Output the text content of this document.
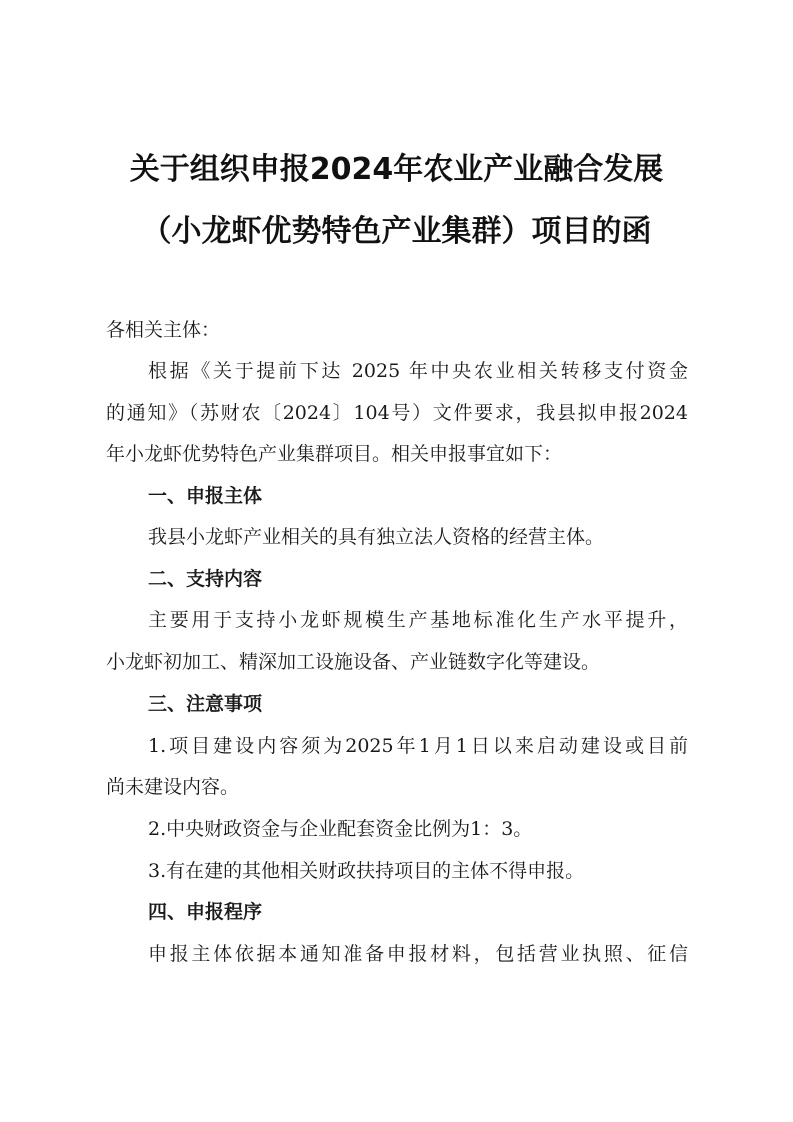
关于组织申报2024年农业产业融合发展
（小龙虾优势特色产业集群）项目的函
各相关主体：
根据《关于提前下达 2025 年中央农业相关转移支付资金
的通知》（苏财农〔2024〕104号）文件要求，我县拟申报2024
年小龙虾优势特色产业集群项目。相关申报事宜如下：
一、申报主体
我县小龙虾产业相关的具有独立法人资格的经营主体。
二、支持内容
主要用于支持小龙虾规模生产基地标准化生产水平提升，
小龙虾初加工、精深加工设施设备、产业链数字化等建设。
三、注意事项
1.项目建设内容须为2025年1月1日以来启动建设或目前
尚未建设内容。
2.中央财政资金与企业配套资金比例为1：3。
3.有在建的其他相关财政扶持项目的主体不得申报。
四、申报程序
申报主体依据本通知准备申报材料，包括营业执照、征信
